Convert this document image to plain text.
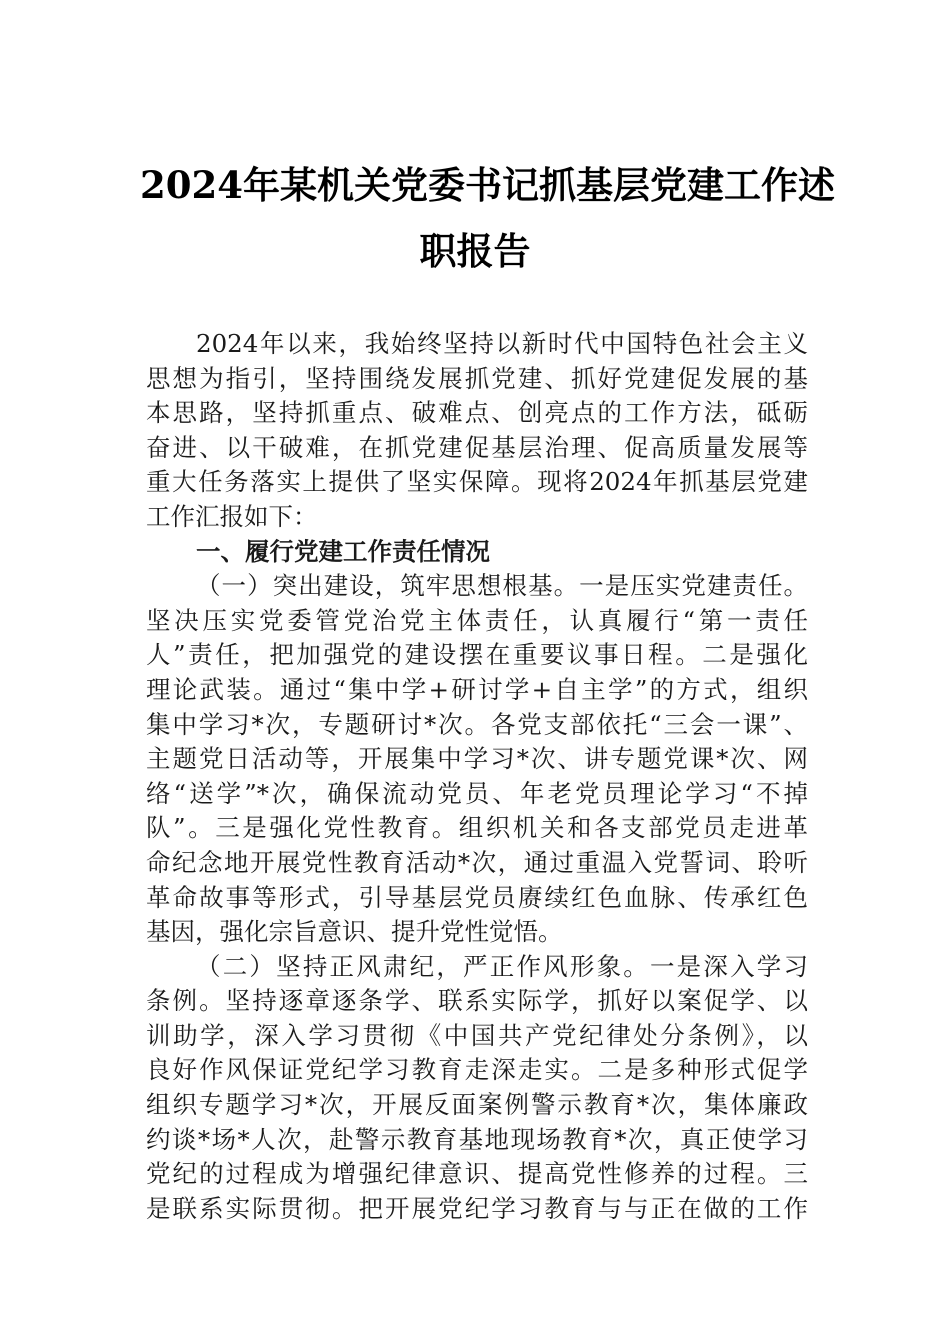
2024年某机关党委书记抓基层党建工作述
职报告
2024年以来，我始终坚持以新时代中国特色社会主义
思想为指引，坚持围绕发展抓党建、抓好党建促发展的基
本思路，坚持抓重点、破难点、创亮点的工作方法，砥砺
奋进、以干破难，在抓党建促基层治理、促高质量发展等
重大任务落实上提供了坚实保障。现将2024年抓基层党建
工作汇报如下：
一、履行党建工作责任情况
（一）突出建设，筑牢思想根基。一是压实党建责任。
坚决压实党委管党治党主体责任，认真履行“第一责任
人”责任，把加强党的建设摆在重要议事日程。二是强化
理论武装。通过“集中学+研讨学+自主学”的方式，组织
集中学习*次，专题研讨*次。各党支部依托“三会一课”、
主题党日活动等，开展集中学习*次、讲专题党课*次、网
络“送学”*次，确保流动党员、年老党员理论学习“不掉
队”。三是强化党性教育。组织机关和各支部党员走进革
命纪念地开展党性教育活动*次，通过重温入党誓词、聆听
革命故事等形式，引导基层党员赓续红色血脉、传承红色
基因，强化宗旨意识、提升党性觉悟。
（二）坚持正风肃纪，严正作风形象。一是深入学习
条例。坚持逐章逐条学、联系实际学，抓好以案促学、以
训助学，深入学习贯彻《中国共产党纪律处分条例》，以
良好作风保证党纪学习教育走深走实。二是多种形式促学
组织专题学习*次，开展反面案例警示教育*次，集体廉政
约谈*场*人次，赴警示教育基地现场教育*次，真正使学习
党纪的过程成为增强纪律意识、提高党性修养的过程。三
是联系实际贯彻。把开展党纪学习教育与与正在做的工作
